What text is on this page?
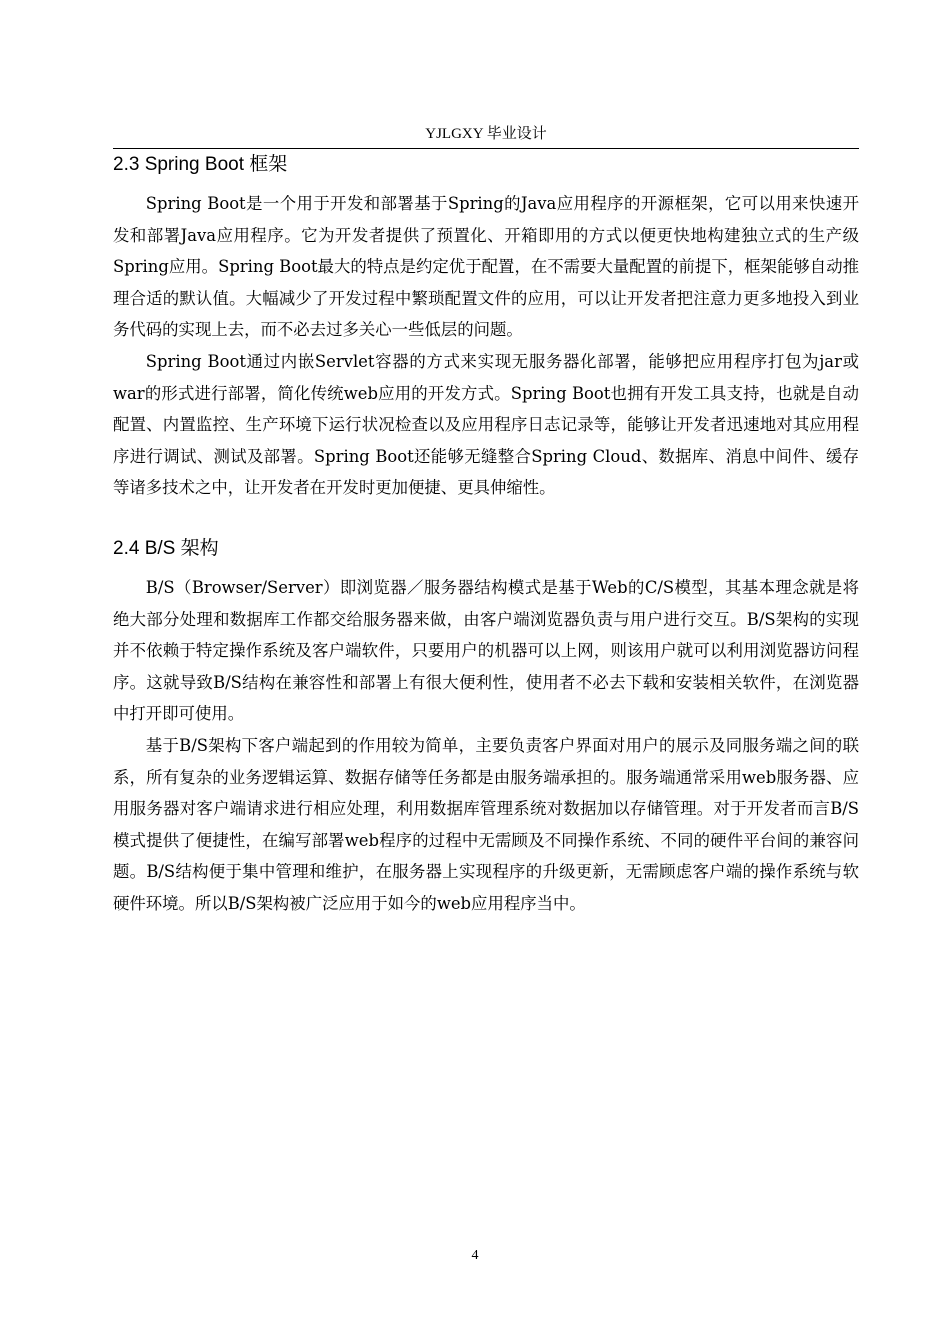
YJLGXY 毕业设计
2.3 Spring Boot 框架

Spring Boot是一个用于开发和部署基于Spring的Java应用程序的开源框架，它可以用来快速开发和部署Java应用程序。它为开发者提供了预置化、开箱即用的方式以便更快地构建独立式的生产级Spring应用。Spring Boot最大的特点是约定优于配置，在不需要大量配置的前提下，框架能够自动推理合适的默认值。大幅减少了开发过程中繁琐配置文件的应用，可以让开发者把注意力更多地投入到业务代码的实现上去，而不必去过多关心一些低层的问题。

Spring Boot通过内嵌Servlet容器的方式来实现无服务器化部署，能够把应用程序打包为jar或war的形式进行部署，简化传统web应用的开发方式。Spring Boot也拥有开发工具支持，也就是自动配置、内置监控、生产环境下运行状况检查以及应用程序日志记录等，能够让开发者迅速地对其应用程序进行调试、测试及部署。Spring Boot还能够无缝整合Spring Cloud、数据库、消息中间件、缓存等诸多技术之中，让开发者在开发时更加便捷、更具伸缩性。

2.4 B/S 架构

B/S（Browser/Server）即浏览器／服务器结构模式是基于Web的C/S模型，其基本理念就是将绝大部分处理和数据库工作都交给服务器来做，由客户端浏览器负责与用户进行交互。B/S架构的实现并不依赖于特定操作系统及客户端软件，只要用户的机器可以上网，则该用户就可以利用浏览器访问程序。这就导致B/S结构在兼容性和部署上有很大便利性，使用者不必去下载和安装相关软件，在浏览器中打开即可使用。

基于B/S架构下客户端起到的作用较为简单，主要负责客户界面对用户的展示及同服务端之间的联系，所有复杂的业务逻辑运算、数据存储等任务都是由服务端承担的。服务端通常采用web服务器、应用服务器对客户端请求进行相应处理，利用数据库管理系统对数据加以存储管理。对于开发者而言B/S模式提供了便捷性，在编写部署web程序的过程中无需顾及不同操作系统、不同的硬件平台间的兼容问题。B/S结构便于集中管理和维护，在服务器上实现程序的升级更新，无需顾虑客户端的操作系统与软硬件环境。所以B/S架构被广泛应用于如今的web应用程序当中。

4
